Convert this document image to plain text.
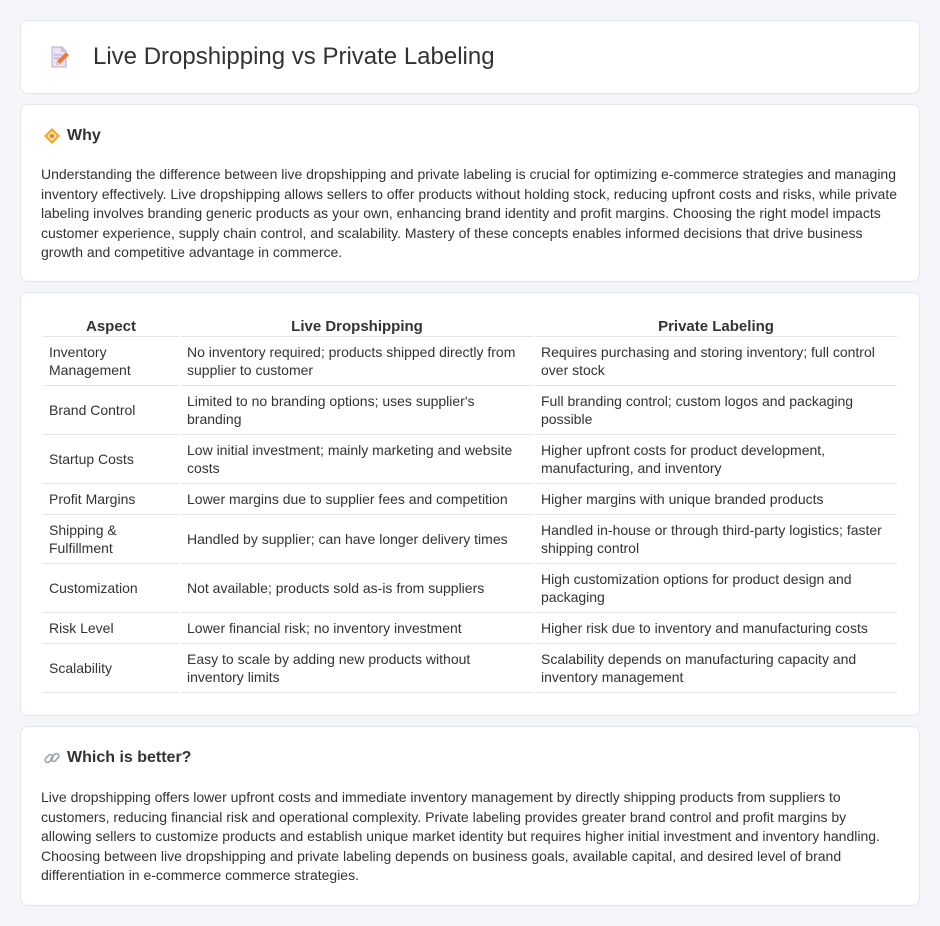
Live Dropshipping vs Private Labeling
Why

Understanding the difference between live dropshipping and private labeling is crucial for optimizing e-commerce strategies and managing inventory effectively. Live dropshipping allows sellers to offer products without holding stock, reducing upfront costs and risks, while private labeling involves branding generic products as your own, enhancing brand identity and profit margins. Choosing the right model impacts customer experience, supply chain control, and scalability. Mastery of these concepts enables informed decisions that drive business growth and competitive advantage in commerce.

Aspect	Live Dropshipping	Private Labeling
Inventory Management	No inventory required; products shipped directly from supplier to customer	Requires purchasing and storing inventory; full control over stock
Brand Control	Limited to no branding options; uses supplier's branding	Full branding control; custom logos and packaging possible
Startup Costs	Low initial investment; mainly marketing and website costs	Higher upfront costs for product development, manufacturing, and inventory
Profit Margins	Lower margins due to supplier fees and competition	Higher margins with unique branded products
Shipping & Fulfillment	Handled by supplier; can have longer delivery times	Handled in-house or through third-party logistics; faster shipping control
Customization	Not available; products sold as-is from suppliers	High customization options for product design and packaging
Risk Level	Lower financial risk; no inventory investment	Higher risk due to inventory and manufacturing costs
Scalability	Easy to scale by adding new products without inventory limits	Scalability depends on manufacturing capacity and inventory management
Which is better?

Live dropshipping offers lower upfront costs and immediate inventory management by directly shipping products from suppliers to customers, reducing financial risk and operational complexity. Private labeling provides greater brand control and profit margins by allowing sellers to customize products and establish unique market identity but requires higher initial investment and inventory handling. Choosing between live dropshipping and private labeling depends on business goals, available capital, and desired level of brand differentiation in e-commerce commerce strategies.
